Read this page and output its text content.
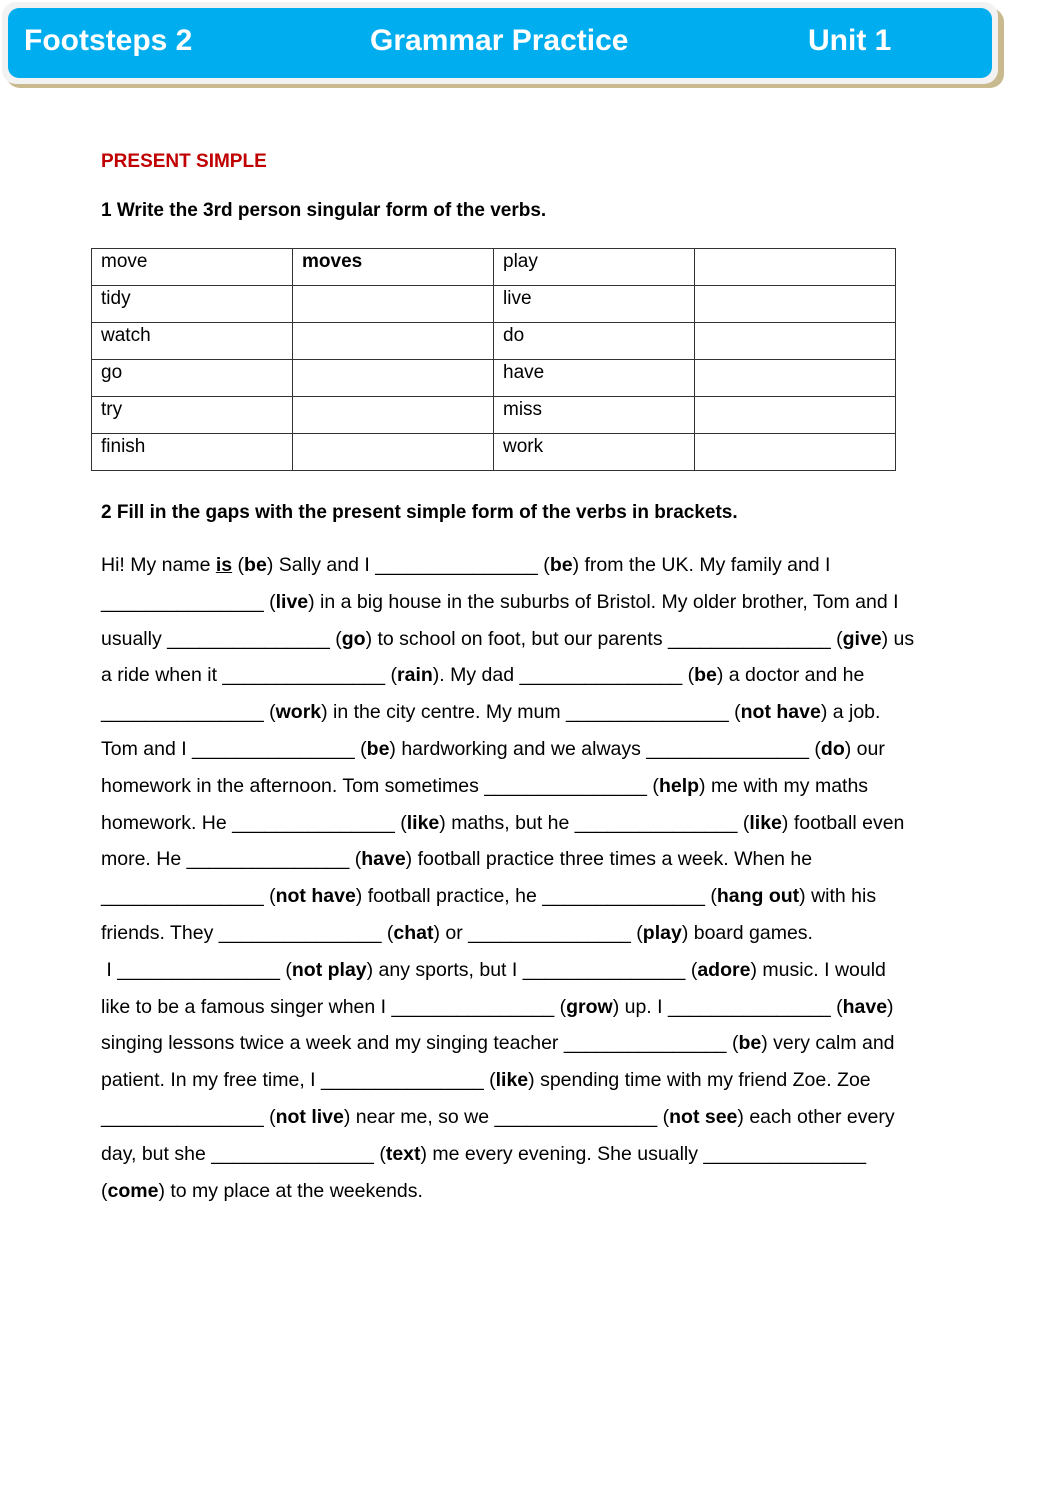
Footsteps 2	Grammar Practice	Unit 1
PRESENT SIMPLE
1 Write the 3rd person singular form of the verbs.
move	moves	play	
tidy		live	
watch		do	
go		have	
try		miss	
finish		work	
2 Fill in the gaps with the present simple form of the verbs in brackets.
Hi! My name is (be) Sally and I _______________ (be) from the UK. My family and I
_______________ (live) in a big house in the suburbs of Bristol. My older brother, Tom and I
usually _______________ (go) to school on foot, but our parents _______________ (give) us
a ride when it _______________ (rain). My dad _______________ (be) a doctor and he
_______________ (work) in the city centre. My mum _______________ (not have) a job.
Tom and I _______________ (be) hardworking and we always _______________ (do) our
homework in the afternoon. Tom sometimes _______________ (help) me with my maths
homework. He _______________ (like) maths, but he _______________ (like) football even
more. He _______________ (have) football practice three times a week. When he
_______________ (not have) football practice, he _______________ (hang out) with his
friends. They _______________ (chat) or _______________ (play) board games.
I _______________ (not play) any sports, but I _______________ (adore) music. I would
like to be a famous singer when I _______________ (grow) up. I _______________ (have)
singing lessons twice a week and my singing teacher _______________ (be) very calm and
patient. In my free time, I _______________ (like) spending time with my friend Zoe. Zoe
_______________ (not live) near me, so we _______________ (not see) each other every
day, but she _______________ (text) me every evening. She usually _______________
(come) to my place at the weekends.
